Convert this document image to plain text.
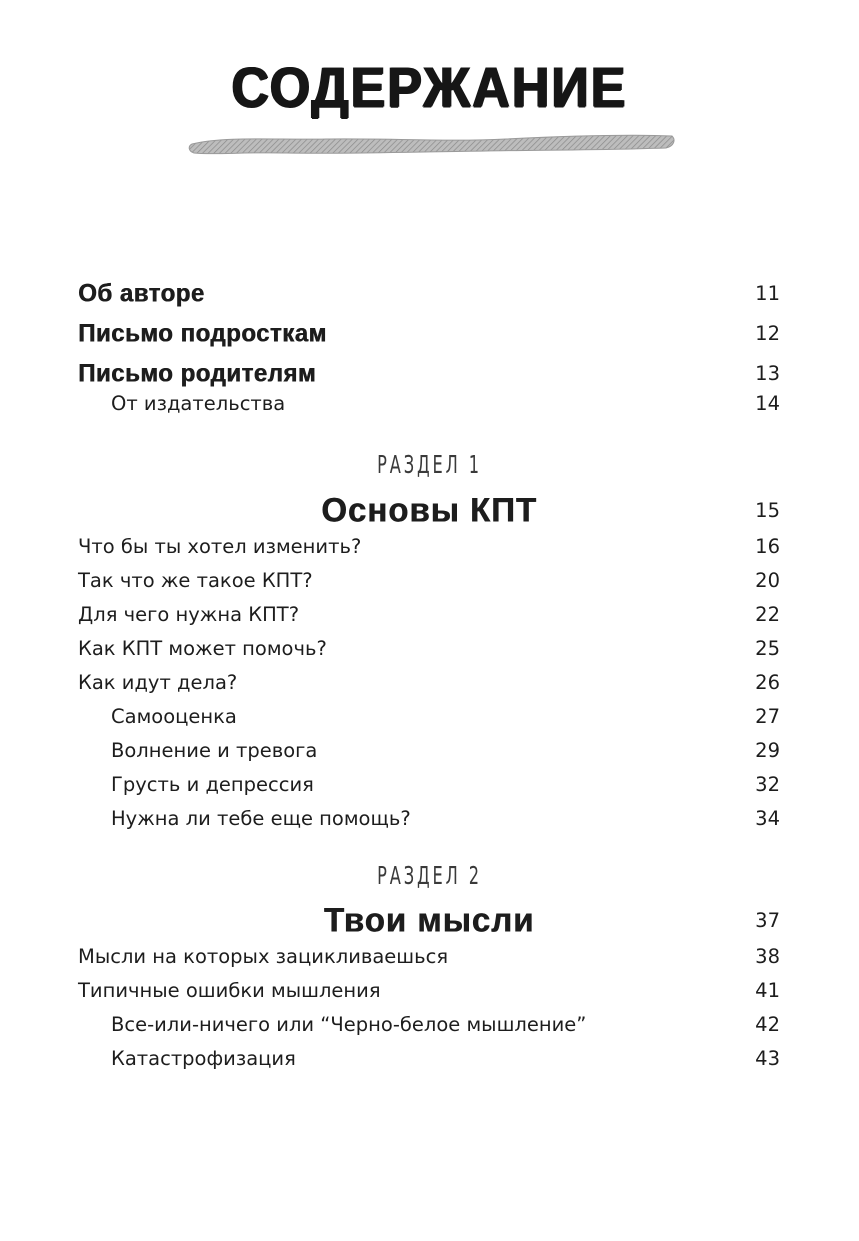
СОДЕРЖАНИЕ
Об авторе	11
Письмо подросткам	12
Письмо родителям	13
От издательства	14
РАЗДЕЛ 1
Основы КПТ	15
Что бы ты хотел изменить?	16
Так что же такое КПТ?	20
Для чего нужна КПТ?	22
Как КПТ может помочь?	25
Как идут дела?	26
Самооценка	27
Волнение и тревога	29
Грусть и депрессия	32
Нужна ли тебе еще помощь?	34
РАЗДЕЛ 2
Твои мысли	37
Мысли на которых зацикливаешься	38
Типичные ошибки мышления	41
Все-или-ничего или “Черно-белое мышление”	42
Катастрофизация	43
